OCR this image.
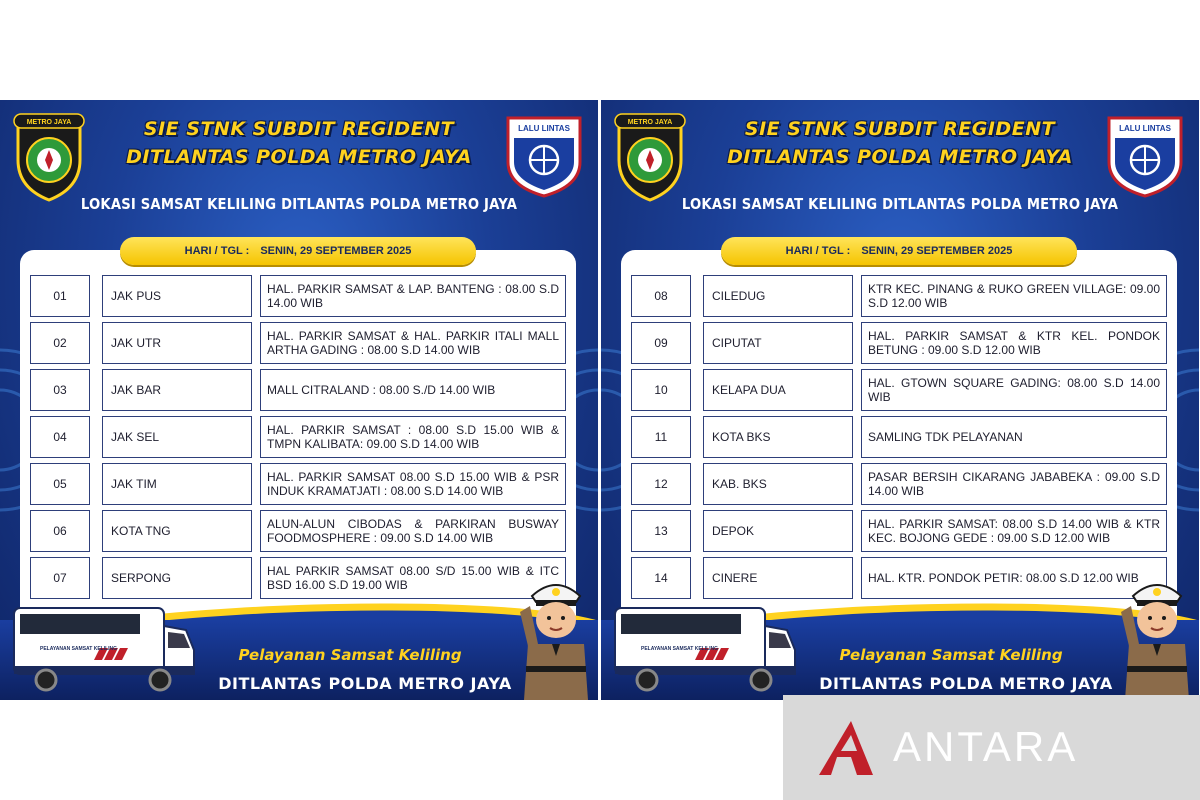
METRO JAYA
LALU LINTAS
SIE STNK SUBDIT REGIDENT
DITLANTAS POLDA METRO JAYA
LOKASI SAMSAT KELILING DITLANTAS POLDA METRO JAYA
HARI / TGL : SENIN, 29 SEPTEMBER 2025
01	JAK PUS	HAL. PARKIR SAMSAT & LAP. BANTENG : 08.00 S.D 14.00 WIB
02	JAK UTR	HAL. PARKIR SAMSAT & HAL. PARKIR ITALI MALL ARTHA GADING : 08.00 S.D 14.00 WIB
03	JAK BAR	MALL CITRALAND : 08.00 S./D 14.00 WIB
04	JAK SEL	HAL. PARKIR SAMSAT : 08.00 S.D 15.00 WIB & TMPN KALIBATA: 09.00 S.D 14.00 WIB
05	JAK TIM	HAL. PARKIR SAMSAT 08.00 S.D 15.00 WIB & PSR INDUK KRAMATJATI : 08.00 S.D 14.00 WIB
06	KOTA TNG	ALUN-ALUN CIBODAS & PARKIRAN BUSWAY FOODMOSPHERE : 09.00 S.D 14.00 WIB
07	SERPONG	HAL PARKIR SAMSAT 08.00 S/D 15.00 WIB & ITC BSD 16.00 S.D 19.00 WIB
Pelayanan Samsat Keliling
DITLANTAS POLDA METRO JAYA
PELAYANAN SAMSAT KELILING
METRO JAYA
LALU LINTAS
SIE STNK SUBDIT REGIDENT
DITLANTAS POLDA METRO JAYA
LOKASI SAMSAT KELILING DITLANTAS POLDA METRO JAYA
HARI / TGL : SENIN, 29 SEPTEMBER 2025
08	CILEDUG	KTR KEC. PINANG & RUKO GREEN VILLAGE: 09.00 S.D 12.00 WIB
09	CIPUTAT	HAL. PARKIR SAMSAT & KTR KEL. PONDOK BETUNG : 09.00 S.D 12.00 WIB
10	KELAPA DUA	HAL. GTOWN SQUARE GADING: 08.00 S.D 14.00 WIB
11	KOTA BKS	SAMLING TDK PELAYANAN
12	KAB. BKS	PASAR BERSIH CIKARANG JABABEKA : 09.00 S.D 14.00 WIB
13	DEPOK	HAL. PARKIR SAMSAT: 08.00 S.D 14.00 WIB & KTR KEC. BOJONG GEDE : 09.00 S.D 12.00 WIB
14	CINERE	HAL. KTR. PONDOK PETIR: 08.00 S.D 12.00 WIB
Pelayanan Samsat Keliling
DITLANTAS POLDA METRO JAYA
PELAYANAN SAMSAT KELILING
ANTARA
